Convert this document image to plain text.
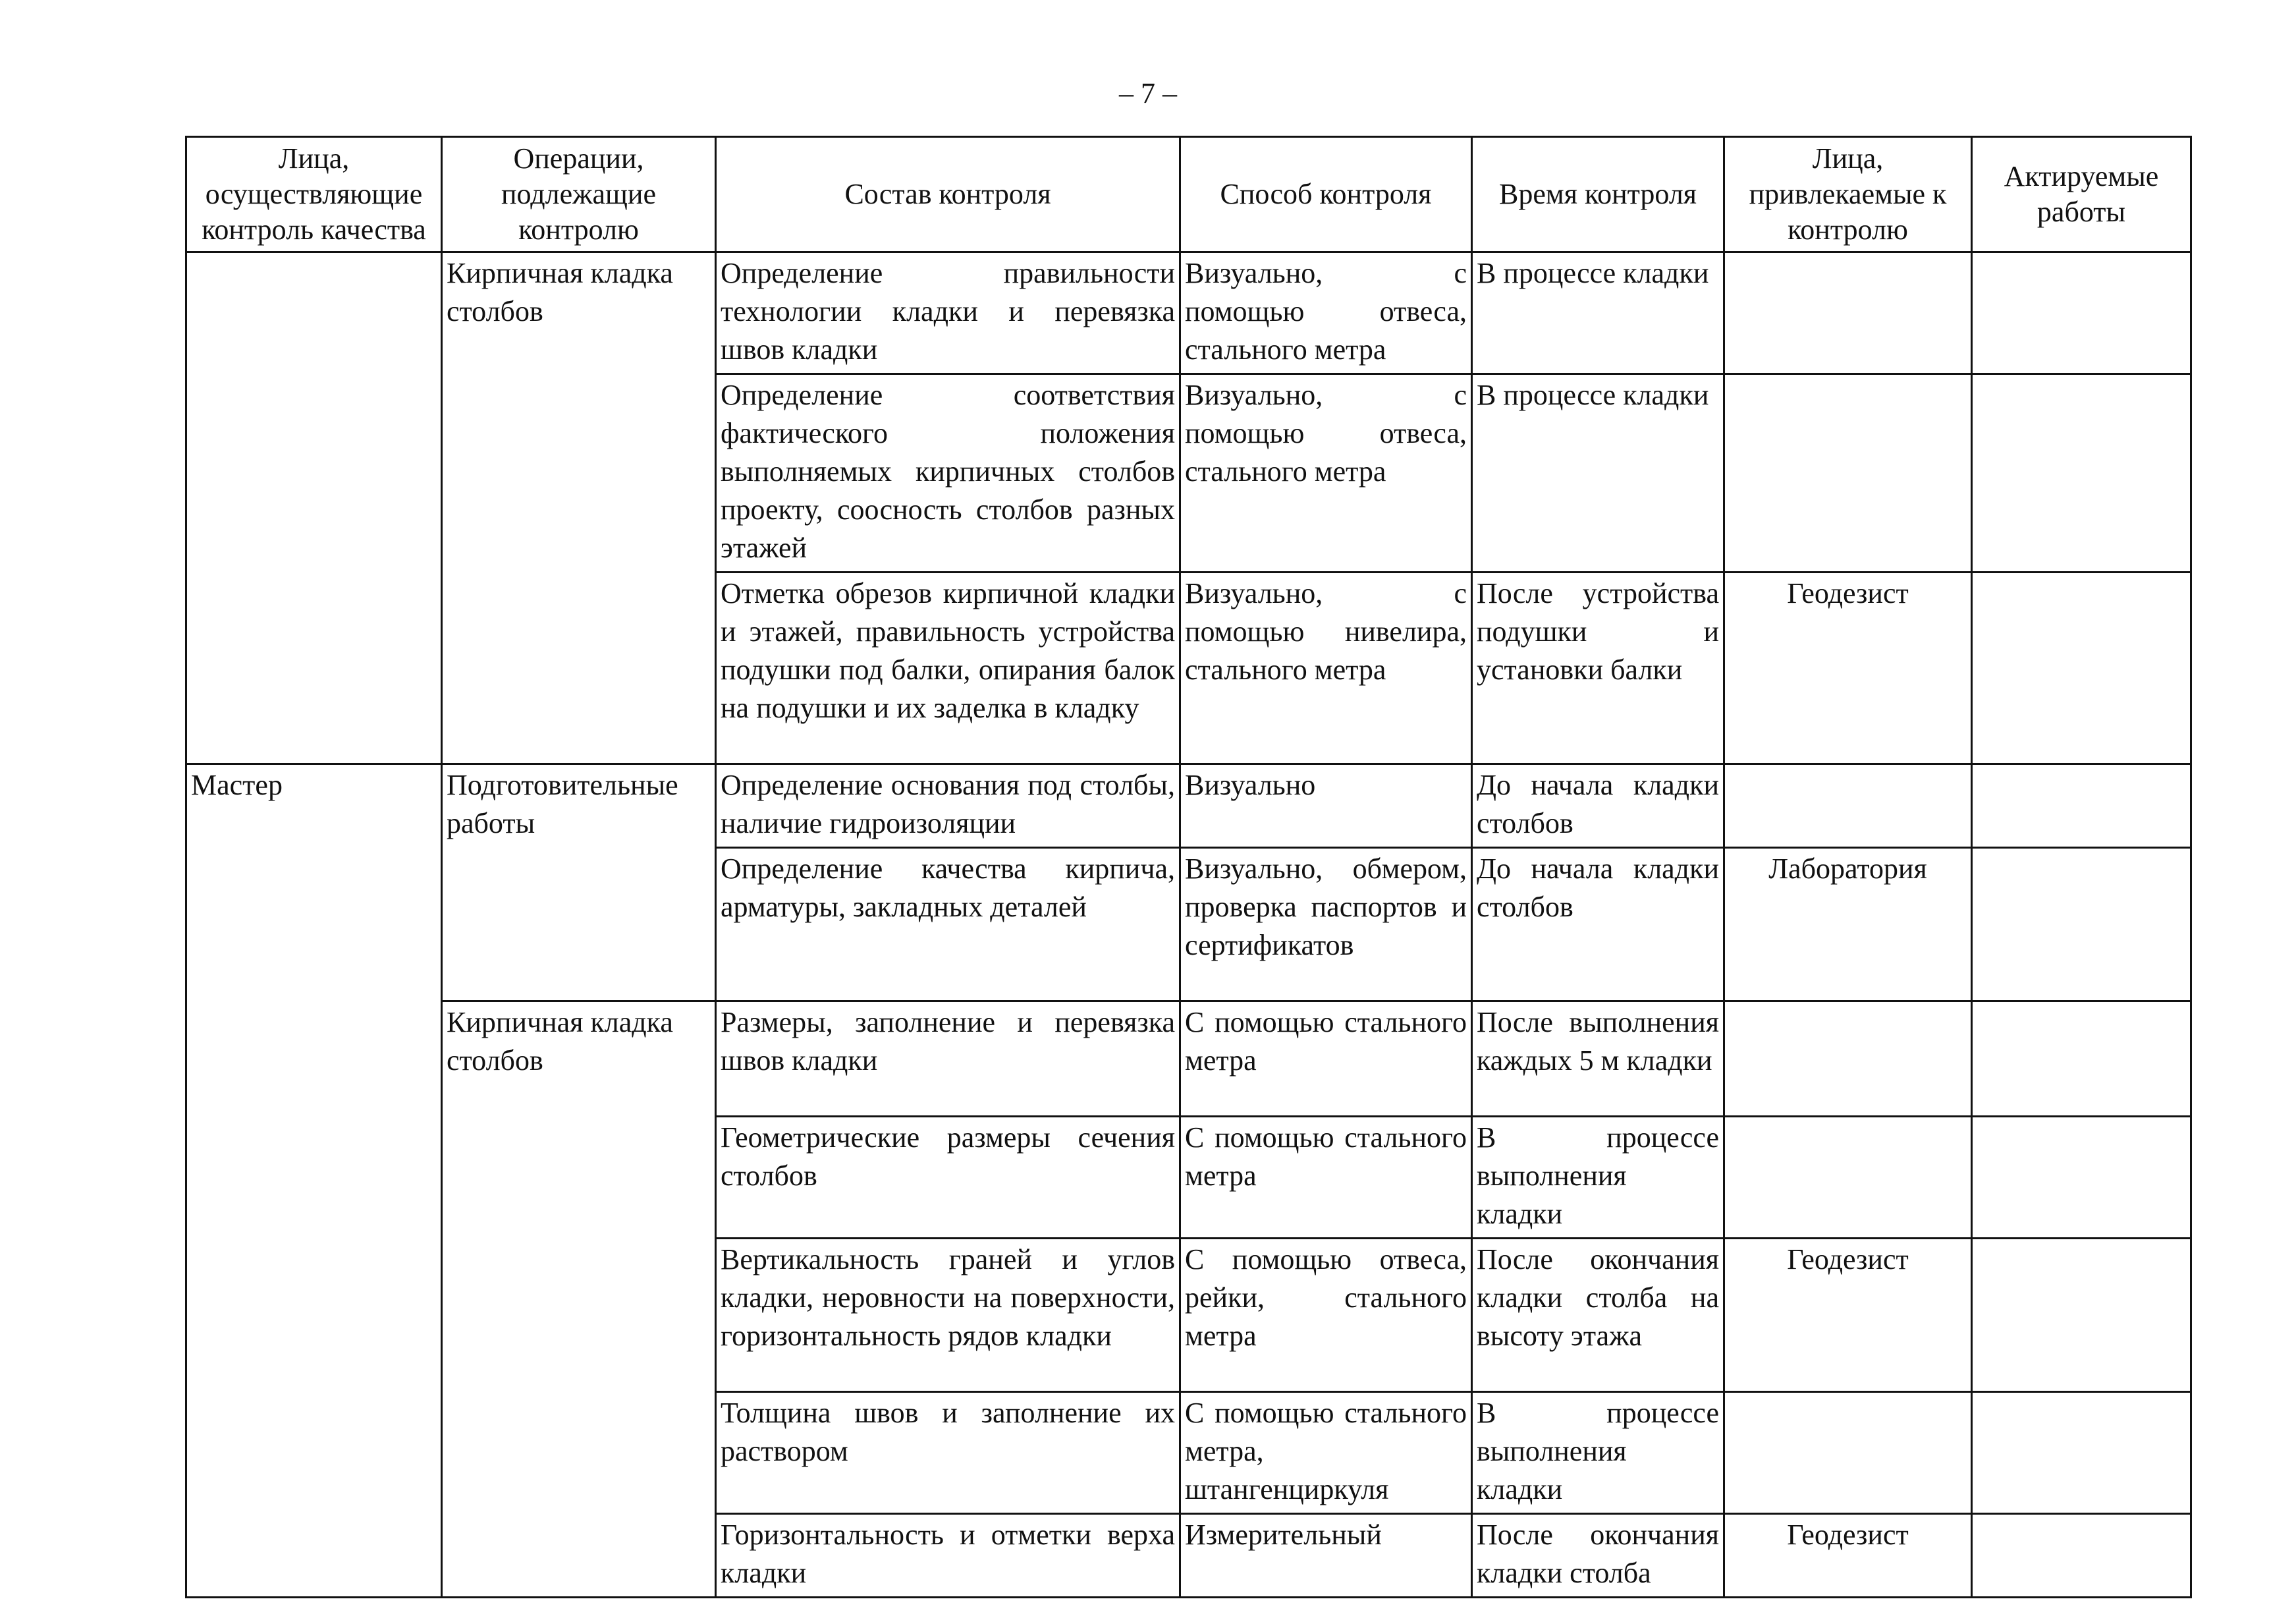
– 7 –
Лица, осуществляющие контроль качества	Операции, подлежащие контролю	Состав контроля	Способ контроля	Время контроля	Лица, привлекаемые к контролю	Актируемые работы
	Кирпичная кладка столбов	Определение правильности технологии кладки и перевязка швов кладки	Визуально, с помощью отвеса, стального метра	В процессе кладки		
		Определение соответствия фактического положения выполняемых кирпичных столбов проекту, соосность столбов разных этажей	Визуально, с помощью отвеса, стального метра	В процессе кладки		
		Отметка обрезов кирпичной кладки и этажей, правильность устройства подушки под балки, опирания балок на подушки и их заделка в кладку	Визуально, с помощью нивелира, стального метра	После устройства подушки и установки балки	Геодезист	
Мастер	Подготовительные работы	Определение основания под столбы, наличие гидроизоляции	Визуально	До начала кладки столбов		
		Определение качества кирпича, арматуры, закладных деталей	Визуально, обмером, проверка паспортов и сертификатов	До начала кладки столбов	Лаборатория	
	Кирпичная кладка столбов	Размеры, заполнение и перевязка швов кладки	С помощью стального метра	После выполнения каждых 5 м кладки		
		Геометрические размеры сечения столбов	С помощью стального метра	В процессе выполнения кладки		
		Вертикальность граней и углов кладки, неровности на поверхности, горизонтальность рядов кладки	С помощью отвеса, рейки, стального метра	После окончания кладки столба на высоту этажа	Геодезист	
		Толщина швов и заполнение их раствором	С помощью стального метра, штангенциркуля	В процессе выполнения кладки		
		Горизонтальность и отметки верха кладки	Измерительный	После окончания кладки столба	Геодезист	
